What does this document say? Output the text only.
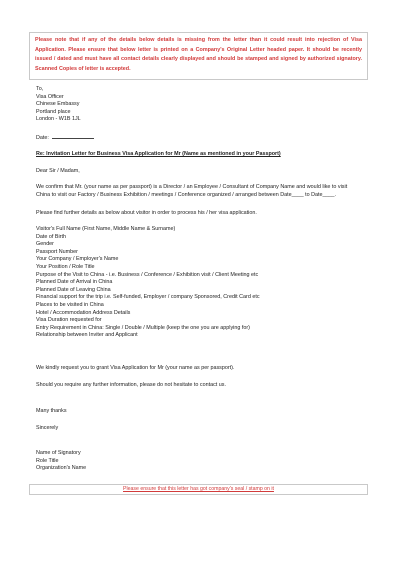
Please note that if any of the details below details is missing from the letter than it could result into rejection of Visa Application. Please ensure that below letter is printed on a Company's Original Letter headed paper. It should be recently issued / dated and must have all contact details clearly displayed and should be stamped and signed by authorized signatory. Scanned Copies of letter is accepted.
To,
Visa Officer
Chinese Embassy
Portland place
London - W1B 1JL
Date:
Re: Invitation Letter for Business Visa Application for Mr (Name as mentioned in your Passport)
Dear Sir / Madam,
We confirm that Mr. (your name as per passport) is a Director / an Employee / Consultant of Company Name and would like to visit
China to visit our Factory / Business Exhibition / meetings / Conference organized / arranged between Date____ to Date____.
Please find further details as below about visitor in order to process his / her visa application.
Visitor's Full Name (First Name, Middle Name & Surname)
Date of Birth
Gender
Passport Number
Your Company / Employer's Name
Your Position / Role Title
Purpose of the Visit to China - i.e. Business / Conference / Exhibition visit / Client Meeting etc
Planned Date of Arrival in China
Planned Date of Leaving China
Financial support for the trip i.e. Self-funded, Employer / company Sponsored, Credit Card etc
Places to be visited in China
Hotel / Accommodation Address Details
Visa Duration requested for
Entry Requirement in China: Single / Double / Multiple (keep the one you are applying for)
Relationship between Inviter and Applicant
We kindly request you to grant Visa Application for Mr (your name as per passport).
Should you require any further information, please do not hesitate to contact us.
Many thanks
Sincerely
Name of Signatory
Role Title
Organization's Name
Please ensure that this letter has got company's seal / stamp on it
